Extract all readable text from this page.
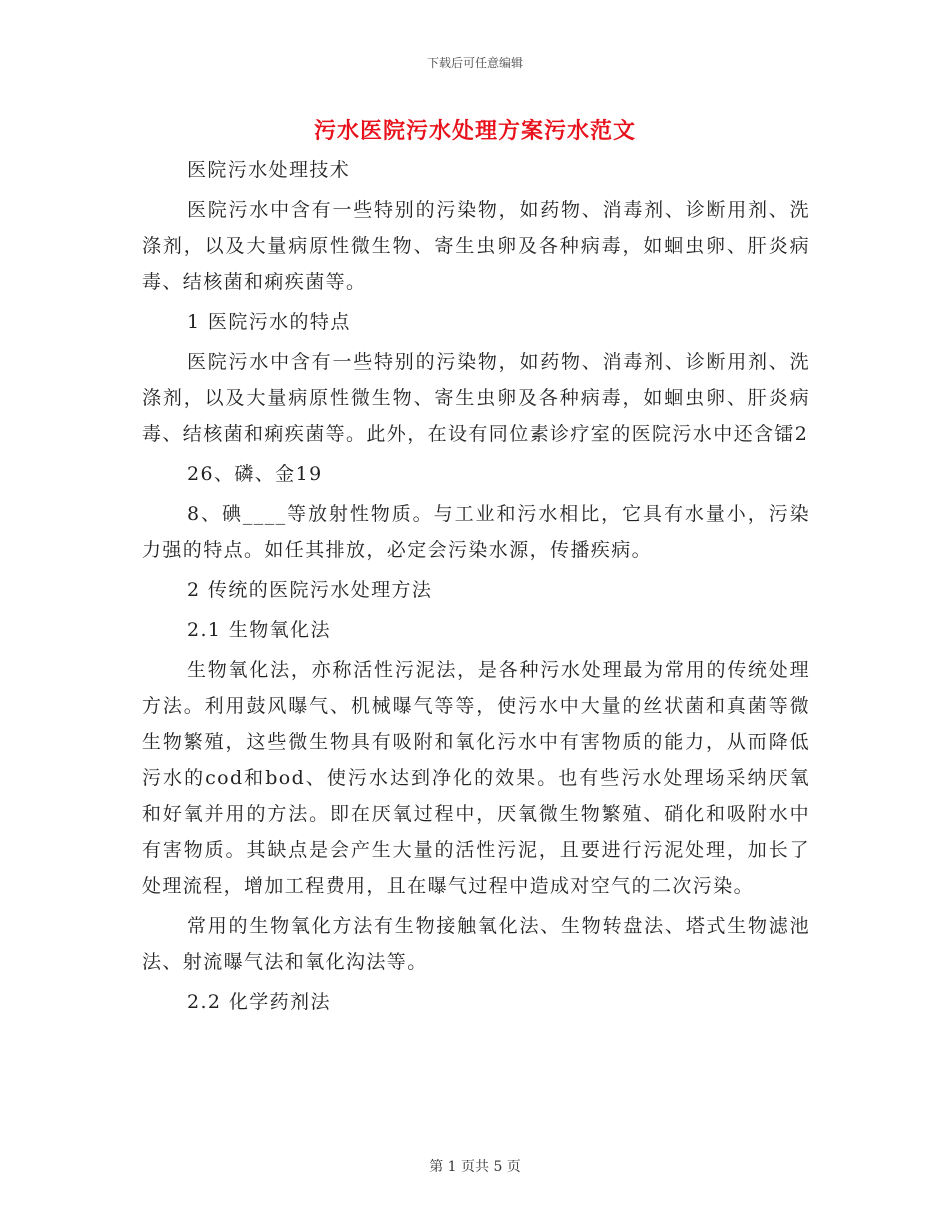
下载后可任意编辑
污水医院污水处理方案污水范文

医院污水处理技术

医院污水中含有一些特别的污染物，如药物、消毒剂、诊断用剂、洗涤剂，以及大量病原性微生物、寄生虫卵及各种病毒，如蛔虫卵、肝炎病毒、结核菌和痢疾菌等。

1 医院污水的特点

医院污水中含有一些特别的污染物，如药物、消毒剂、诊断用剂、洗涤剂，以及大量病原性微生物、寄生虫卵及各种病毒，如蛔虫卵、肝炎病毒、结核菌和痢疾菌等。此外，在设有同位素诊疗室的医院污水中还含镭2

26、磷、金19

8、碘____等放射性物质。与工业和污水相比，它具有水量小，污染力强的特点。如任其排放，必定会污染水源，传播疾病。

2 传统的医院污水处理方法

2.1 生物氧化法

生物氧化法，亦称活性污泥法，是各种污水处理最为常用的传统处理方法。利用鼓风曝气、机械曝气等等，使污水中大量的丝状菌和真菌等微生物繁殖，这些微生物具有吸附和氧化污水中有害物质的能力，从而降低污水的cod和bod、使污水达到净化的效果。也有些污水处理场采纳厌氧和好氧并用的方法。即在厌氧过程中，厌氧微生物繁殖、硝化和吸附水中有害物质。其缺点是会产生大量的活性污泥，且要进行污泥处理，加长了处理流程，增加工程费用，且在曝气过程中造成对空气的二次污染。

常用的生物氧化方法有生物接触氧化法、生物转盘法、塔式生物滤池法、射流曝气法和氧化沟法等。

2.2 化学药剂法

第 1 页共 5 页
